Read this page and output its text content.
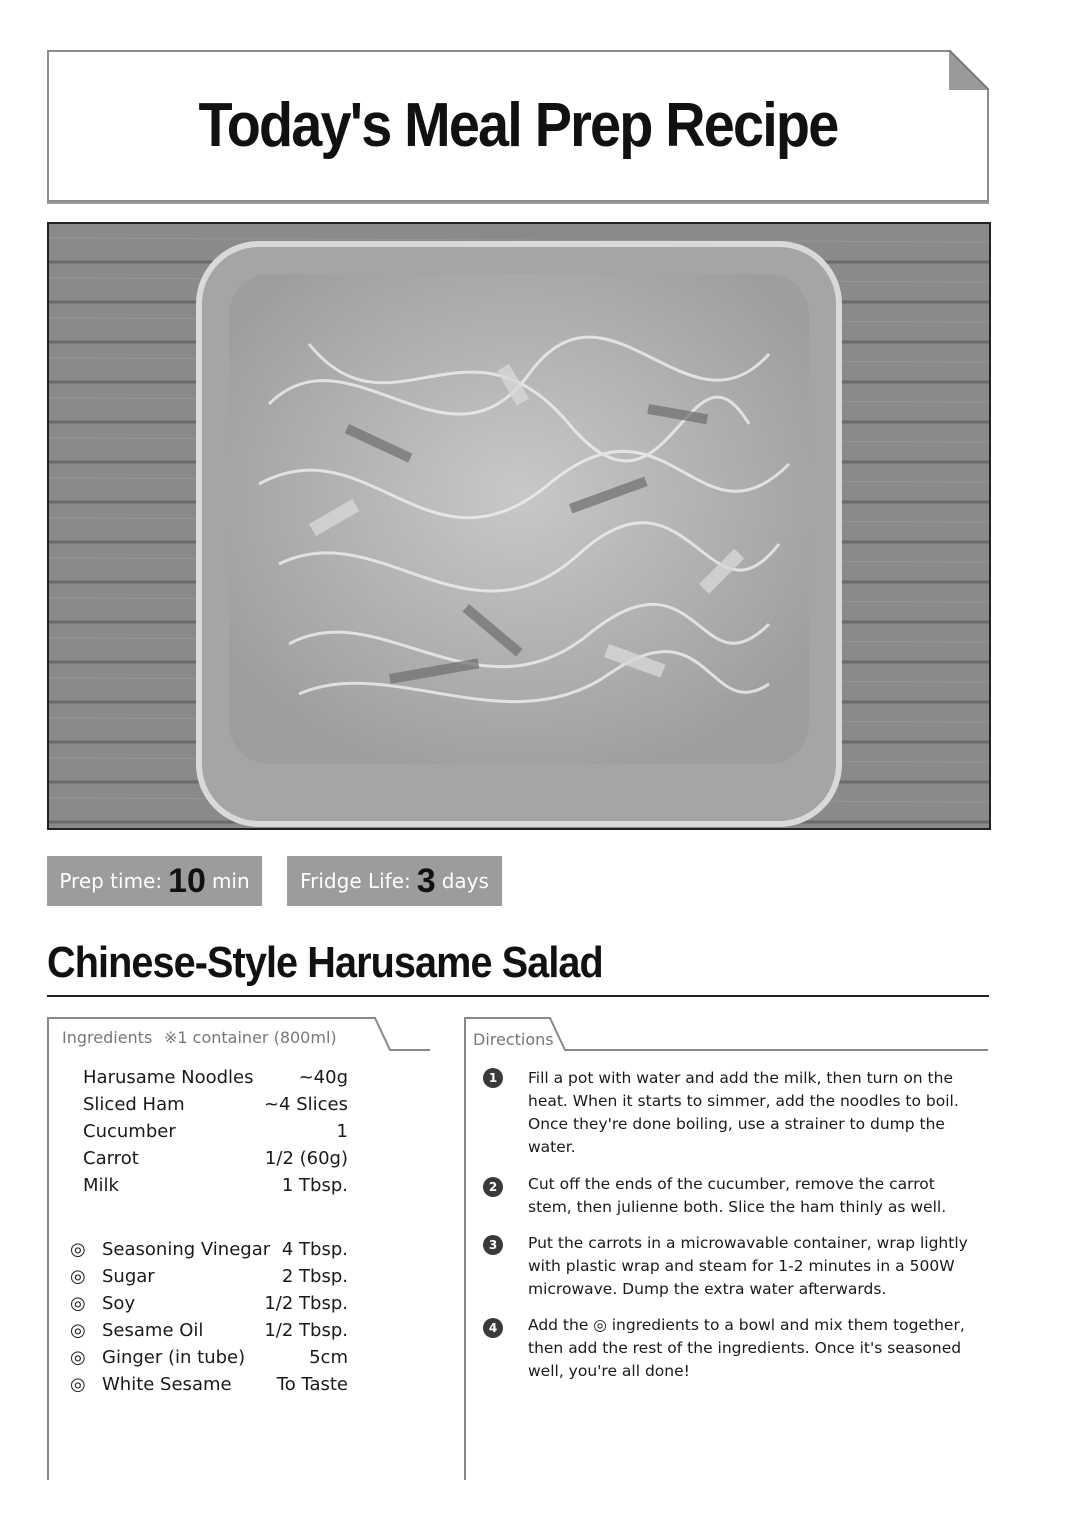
Today's Meal Prep Recipe
Prep time: 10 min	Fridge Life: 3 days
Chinese-Style Harusame Salad
Ingredients ※1 container (800ml)
Harusame Noodles	~40g
Sliced Ham	~4 Slices
Cucumber	1
Carrot	1/2 (60g)
Milk	1 Tbsp.
◎ Seasoning Vinegar 4 Tbsp.
◎ Sugar	2 Tbsp.
◎ Soy	1/2 Tbsp.
◎ Sesame Oil	1/2 Tbsp.
◎ Ginger (in tube)	5cm
◎ White Sesame	To Taste
Directions
1	Fill a pot with water and add the milk, then turn on the heat. When it starts to simmer, add the noodles to boil. Once they're done boiling, use a strainer to dump the water.
2	Cut off the ends of the cucumber, remove the carrot stem, then julienne both. Slice the ham thinly as well.
3	Put the carrots in a microwavable container, wrap lightly with plastic wrap and steam for 1-2 minutes in a 500W microwave. Dump the extra water afterwards.
4	Add the ◎ ingredients to a bowl and mix them together, then add the rest of the ingredients. Once it's seasoned well, you're all done!
